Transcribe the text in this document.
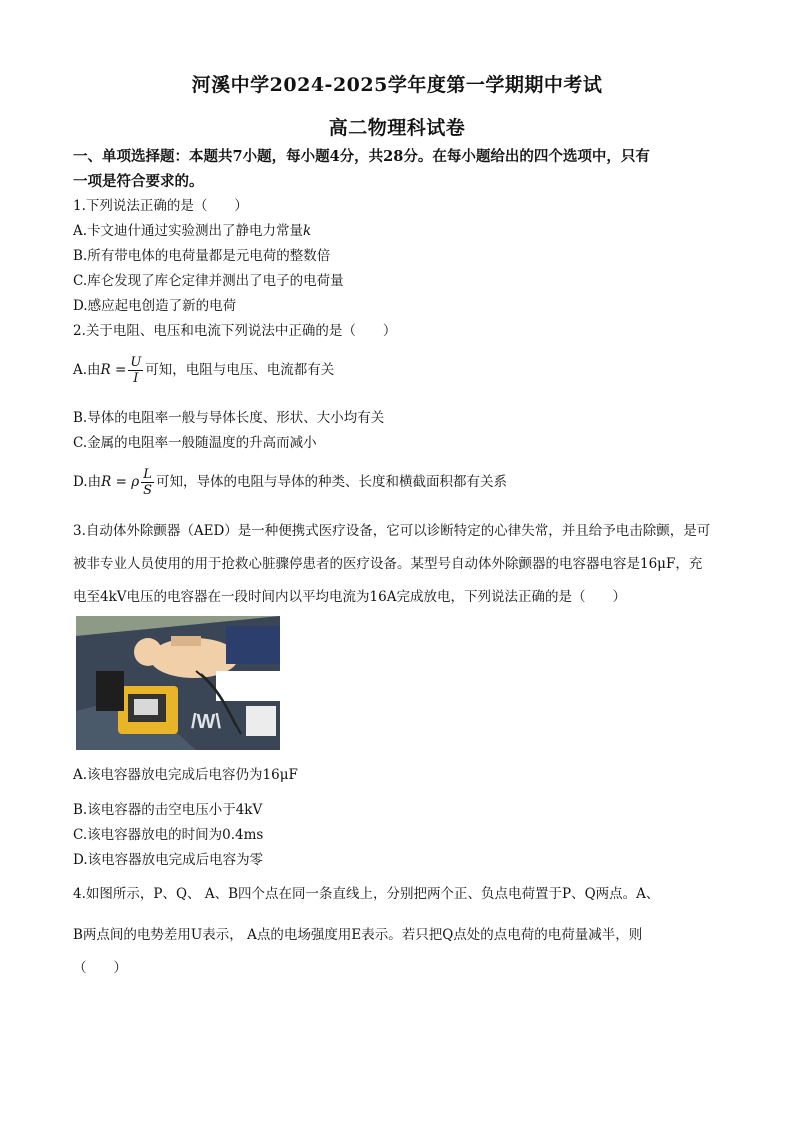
河溪中学2024-2025学年度第一学期期中考试
高二物理科试卷
一、单项选择题：本题共7小题，每小题4分，共28分。在每小题给出的四个选项中，只有
一项是符合要求的。
1.下列说法正确的是（　　）
A.卡文迪什通过实验测出了静电力常量k
B.所有带电体的电荷量都是元电荷的整数倍
C.库仑发现了库仑定律并测出了电子的电荷量
D.感应起电创造了新的电荷
2.关于电阻、电压和电流下列说法中正确的是（　　）
A.由$R = \frac{U}{I}$ 可知，电阻与电压、电流都有关
B.导体的电阻率一般与导体长度、形状、大小均有关
C.金属的电阻率一般随温度的升高而减小
D.由R = ρ $\frac{L}{S}$ 可知，导体的电阻与导体的种类、长度和横截面积都有关系
3.自动体外除颤器（AED）是一种便携式医疗设备，它可以诊断特定的心律失常，并且给予电击除颤，是可
被非专业人员使用的用于抢救心脏骤停患者的医疗设备。某型号自动体外除颤器的电容器电容是16μF，充
电至4kV电压的电容器在一段时间内以平均电流为16A完成放电，下列说法正确的是（　　）
/W\
A.该电容器放电完成后电容仍为16μF
B.该电容器的击空电压小于4kV
C.该电容器放电的时间为0.4ms
D.该电容器放电完成后电容为零
4.如图所示，P、Q、 A、B四个点在同一条直线上，分别把两个正、负点电荷置于P、Q两点。A、
B两点间的电势差用U表示， A点的电场强度用E表示。若只把Q点处的点电荷的电荷量减半，则
（　　）
